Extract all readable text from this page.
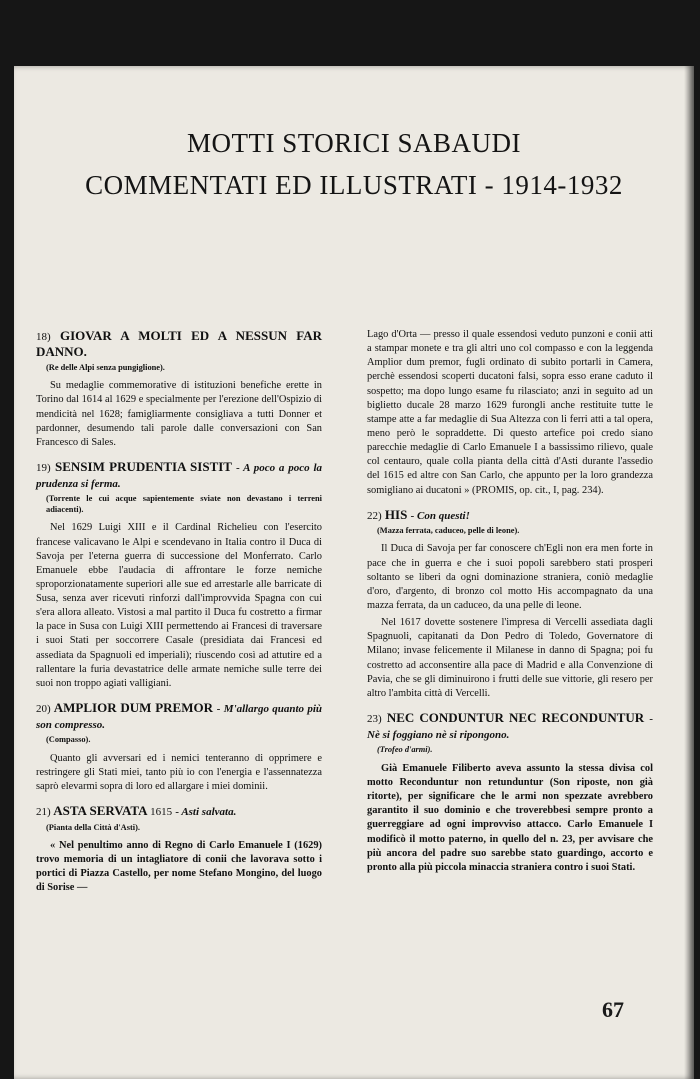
MOTTI STORICI SABAUDI
COMMENTATI ED ILLUSTRATI - 1914-1932
18) GIOVAR A MOLTI ED A NESSUN FAR DANNO.
(Re delle Alpi senza pungiglione).
Su medaglie commemorative di istituzioni benefiche erette in Torino dal 1614 al 1629 e specialmente per l'erezione dell'Ospizio di mendicità nel 1628; famigliarmente consigliava a tutti Donner et pardonner, desumendo tali parole dalle conversazioni con San Francesco di Sales.
19) SENSIM PRUDENTIA SISTIT - A poco a poco la prudenza si ferma.
(Torrente le cui acque sapientemente sviate non devastano i terreni adiacenti).
Nel 1629 Luigi XIII e il Cardinal Richelieu con l'esercito francese valicavano le Alpi e scendevano in Italia contro il Duca di Savoja per l'eterna guerra di successione del Monferrato. Carlo Emanuele ebbe l'audacia di affrontare le forze nemiche sproporzionatamente superiori alle sue ed arrestarle alle barricate di Susa, senza aver ricevuti rinforzi dall'improvvida Spagna con cui s'era allora alleato. Vistosi a mal partito il Duca fu costretto a firmar la pace in Susa con Luigi XIII permettendo ai Francesi di traversare i suoi Stati per soccorrere Casale (presidiata dai Francesi ed assediata da Spagnuoli ed imperiali); riuscendo così ad attutire ed a rallentare la furia devastatrice delle armate nemiche sulle terre dei suoi non troppo agiati valligiani.
20) AMPLIOR DUM PREMOR - M'allargo quanto più son compresso.
(Compasso).
Quanto gli avversari ed i nemici tenteranno di opprimere e restringere gli Stati miei, tanto più io con l'energia e l'assennatezza saprò elevarmi sopra di loro ed allargare i miei dominii.
21) ASTA SERVATA 1615 - Asti salvata.
(Pianta della Città d'Asti).
« Nel penultimo anno di Regno di Carlo Emanuele I (1629) trovo memoria di un intagliatore di conii che lavorava sotto i portici di Piazza Castello, per nome Stefano Mongino, del luogo di Sorise —
Lago d'Orta — presso il quale essendosi veduto punzoni e conii atti a stampar monete e tra gli altri uno col compasso e con la leggenda Amplior dum premor, fugli ordinato di subito portarli in Camera, perchè essendosi scoperti ducatoni falsi, sopra esso erane caduto il sospetto; ma dopo lungo esame fu rilasciato; anzi in seguito ad un biglietto ducale 28 marzo 1629 furongli anche restituite tutte le stampe atte a far medaglie di Sua Altezza con li ferri atti a tal opera, meno però le sopraddette. Di questo artefice poi credo siano parecchie medaglie di Carlo Emanuele I a bassissimo rilievo, quale col centauro, quale colla pianta della città d'Asti durante l'assedio del 1615 ed altre con San Carlo, che appunto per la loro grandezza somigliano ai ducatoni » (PROMIS, op. cit., I, pag. 234).
22) HIS - Con questi!
(Mazza ferrata, caduceo, pelle di leone).
Il Duca di Savoja per far conoscere ch'Egli non era men forte in pace che in guerra e che i suoi popoli sarebbero stati prosperi soltanto se liberi da ogni dominazione straniera, coniò medaglie d'oro, d'argento, di bronzo col motto His accompagnato da una mazza ferrata, da un caduceo, da una pelle di leone.
Nel 1617 dovette sostenere l'impresa di Vercelli assediata dagli Spagnuoli, capitanati da Don Pedro di Toledo, Governatore di Milano; invase felicemente il Milanese in danno di Spagna; poi fu costretto ad acconsentire alla pace di Madrid e alla Convenzione di Pavia, che se gli diminuirono i frutti delle sue vittorie, gli resero per altro l'ambita città di Vercelli.
23) NEC CONDUNTUR NEC RECONDUNTUR - Nè si foggiano nè si ripongono.
(Trofeo d'armi).
Già Emanuele Filiberto aveva assunto la stessa divisa col motto Reconduntur non retunduntur (Son riposte, non già ritorte), per significare che le armi non spezzate avrebbero garantito il suo dominio e che troverebbesi sempre pronto a guerreggiare ad ogni improvviso attacco. Carlo Emanuele I modificò il motto paterno, in quello del n. 23, per avvisare che più ancora del padre suo sarebbe stato guardingo, accorto e pronto alla più piccola minaccia straniera contro i suoi Stati.
67
